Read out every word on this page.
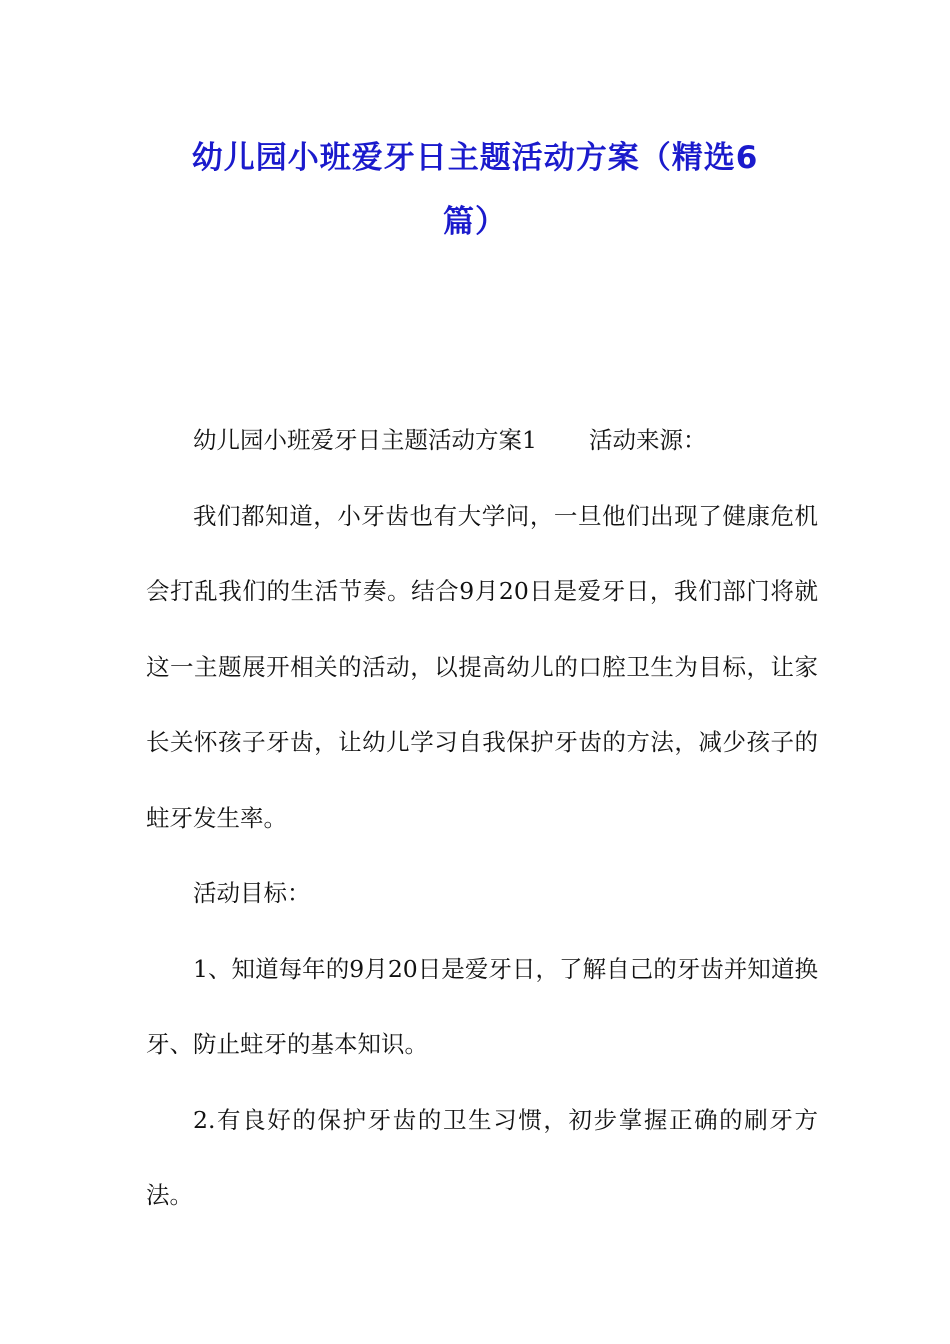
幼儿园小班爱牙日主题活动方案（精选6
篇）

幼儿园小班爱牙日主题活动方案1 活动来源：

我们都知道，小牙齿也有大学问，一旦他们出现了健康危机会打乱我们的生活节奏。结合9月20日是爱牙日，我们部门将就这一主题展开相关的活动，以提高幼儿的口腔卫生为目标，让家长关怀孩子牙齿，让幼儿学习自我保护牙齿的方法，减少孩子的蛀牙发生率。

活动目标：

1、知道每年的9月20日是爱牙日，了解自己的牙齿并知道换牙、防止蛀牙的基本知识。

2.有良好的保护牙齿的卫生习惯，初步掌握正确的刷牙方法。
